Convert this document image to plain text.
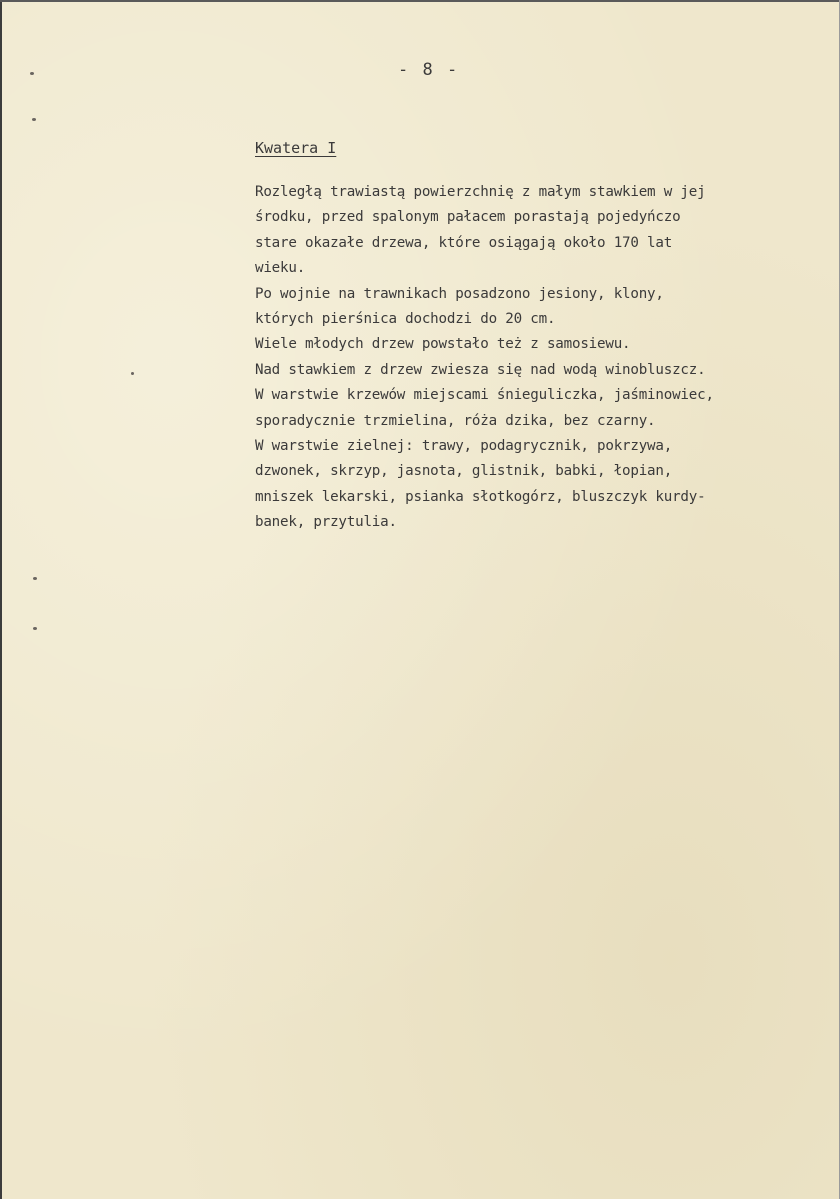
- 8 -
Kwatera I
Rozległą trawiastą powierzchnię z małym stawkiem w jej
środku, przed spalonym pałacem porastają pojedyńczo
stare okazałe drzewa, które osiągają około 170 lat
wieku.
Po wojnie na trawnikach posadzono jesiony, klony,
których pierśnica dochodzi do 20 cm.
Wiele młodych drzew powstało też z samosiewu.
Nad stawkiem z drzew zwiesza się nad wodą winobluszcz.
W warstwie krzewów miejscami śnieguliczka, jaśminowiec,
sporadycznie trzmielina, róża dzika, bez czarny.
W warstwie zielnej: trawy, podagrycznik, pokrzywa,
dzwonek, skrzyp, jasnota, glistnik, babki, łopian,
mniszek lekarski, psianka słotkogórz, bluszczyk kurdy-
banek, przytulia.
